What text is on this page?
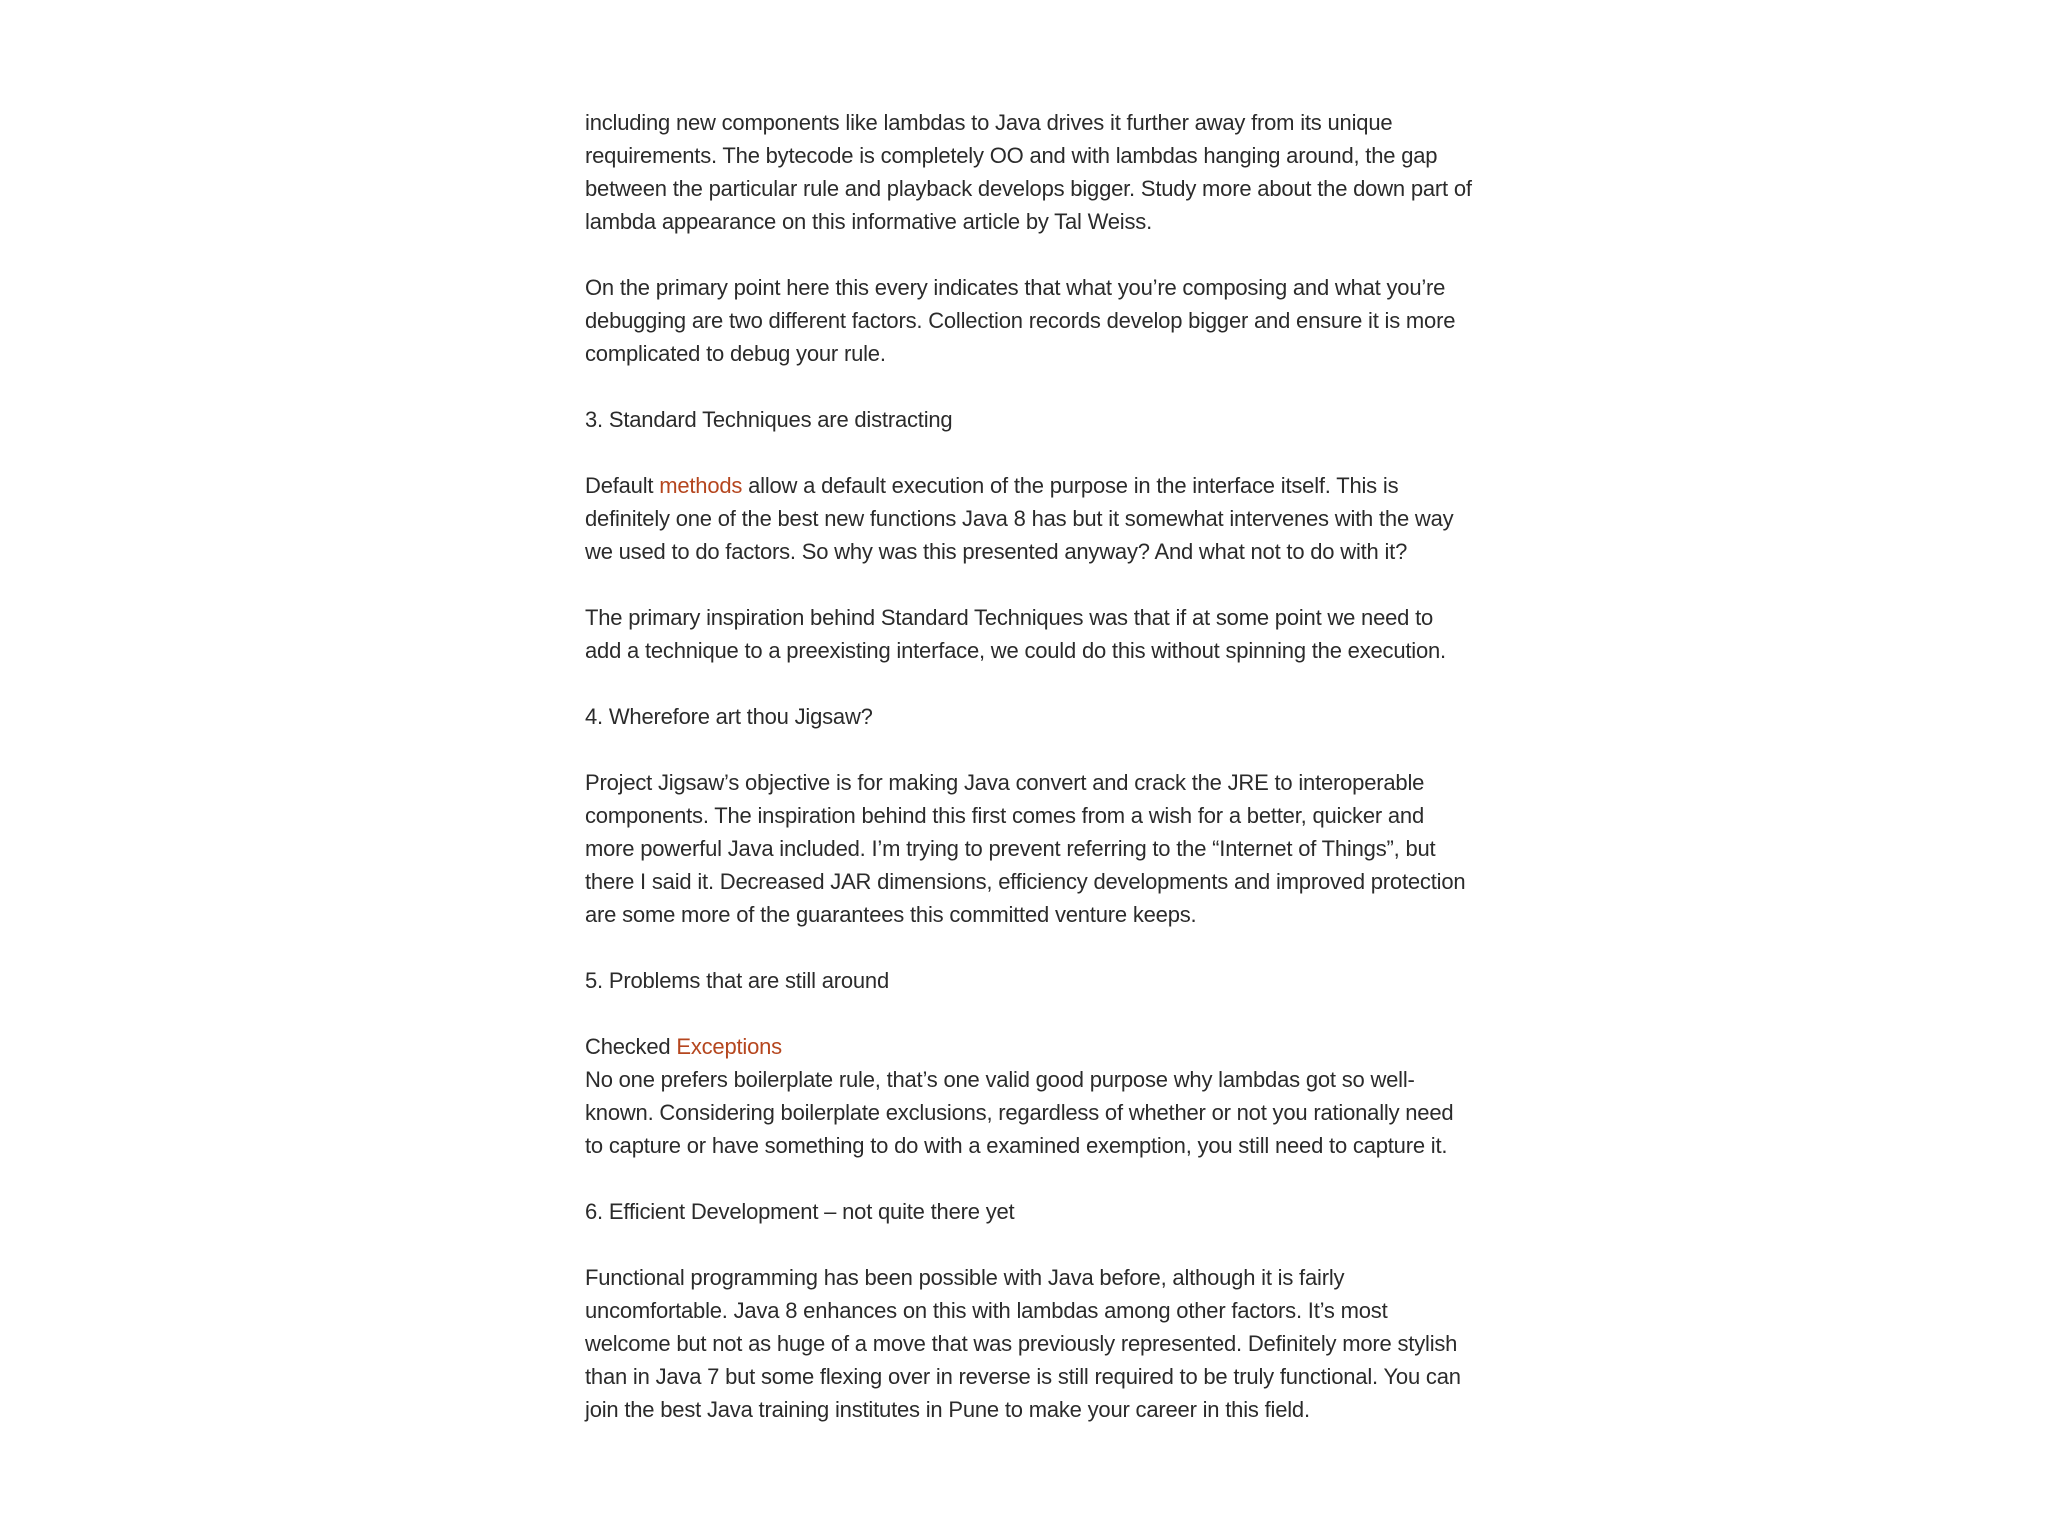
including new components like lambdas to Java drives it further away from its unique requirements. The bytecode is completely OO and with lambdas hanging around, the gap between the particular rule and playback develops bigger. Study more about the down part of lambda appearance on this informative article by Tal Weiss.

On the primary point here this every indicates that what you’re composing and what you’re debugging are two different factors. Collection records develop bigger and ensure it is more complicated to debug your rule.

3. Standard Techniques are distracting

Default methods allow a default execution of the purpose in the interface itself. This is definitely one of the best new functions Java 8 has but it somewhat intervenes with the way we used to do factors. So why was this presented anyway? And what not to do with it?

The primary inspiration behind Standard Techniques was that if at some point we need to add a technique to a preexisting interface, we could do this without spinning the execution.

4. Wherefore art thou Jigsaw?

Project Jigsaw’s objective is for making Java convert and crack the JRE to interoperable components. The inspiration behind this first comes from a wish for a better, quicker and more powerful Java included. I’m trying to prevent referring to the “Internet of Things”, but there I said it. Decreased JAR dimensions, efficiency developments and improved protection are some more of the guarantees this committed venture keeps.

5. Problems that are still around

Checked Exceptions

No one prefers boilerplate rule, that’s one valid good purpose why lambdas got so well-known. Considering boilerplate exclusions, regardless of whether or not you rationally need to capture or have something to do with a examined exemption, you still need to capture it.

6. Efficient Development – not quite there yet

Functional programming has been possible with Java before, although it is fairly uncomfortable. Java 8 enhances on this with lambdas among other factors. It’s most welcome but not as huge of a move that was previously represented. Definitely more stylish than in Java 7 but some flexing over in reverse is still required to be truly functional. You can join the best Java training institutes in Pune to make your career in this field.
